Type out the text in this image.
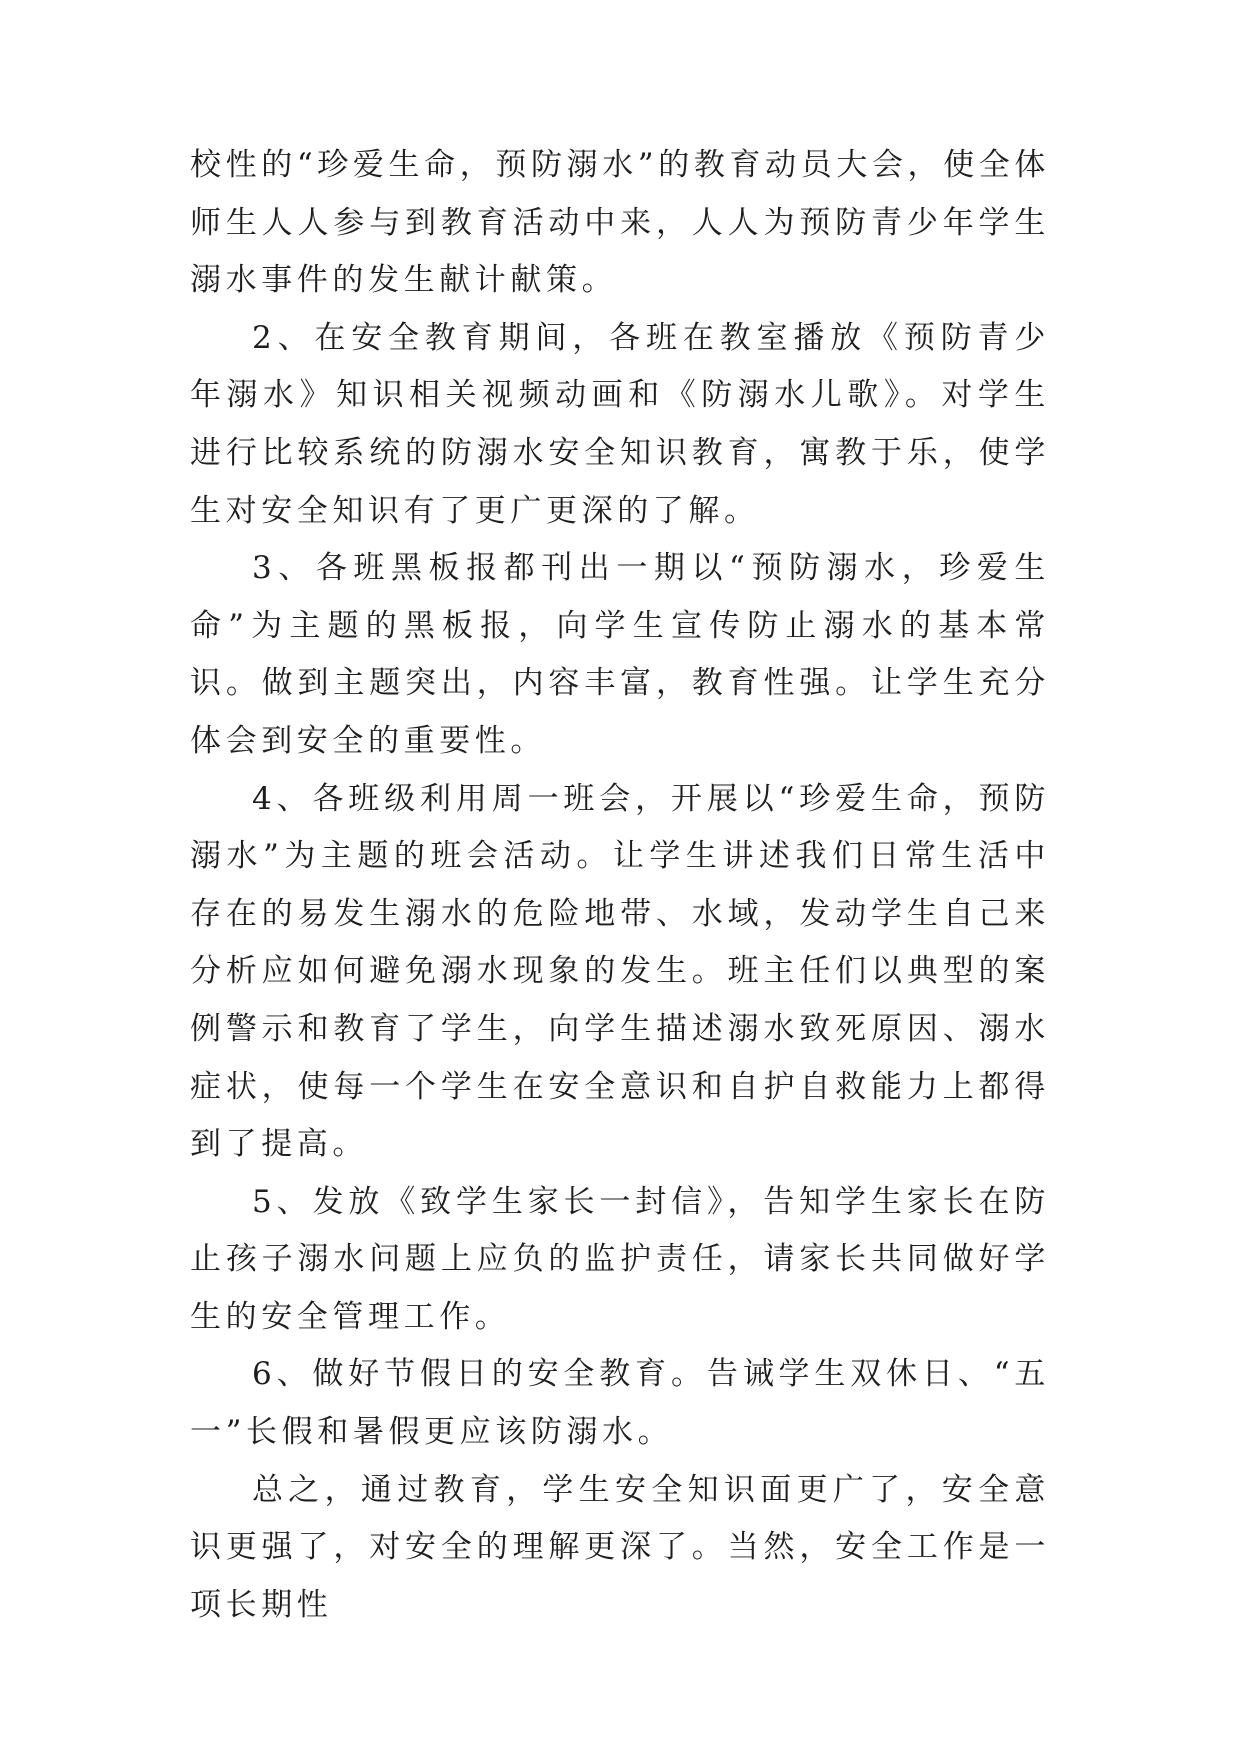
校性的“珍爱生命，预防溺水”的教育动员大会，使全体师生人人参与到教育活动中来，人人为预防青少年学生溺水事件的发生献计献策。

2、在安全教育期间，各班在教室播放《预防青少年溺水》知识相关视频动画和《防溺水儿歌》。对学生进行比较系统的防溺水安全知识教育，寓教于乐，使学生对安全知识有了更广更深的了解。

3、各班黑板报都刊出一期以“预防溺水，珍爱生命”为主题的黑板报，向学生宣传防止溺水的基本常识。做到主题突出，内容丰富，教育性强。让学生充分体会到安全的重要性。

4、各班级利用周一班会，开展以“珍爱生命，预防溺水”为主题的班会活动。让学生讲述我们日常生活中存在的易发生溺水的危险地带、水域，发动学生自己来分析应如何避免溺水现象的发生。班主任们以典型的案例警示和教育了学生，向学生描述溺水致死原因、溺水症状，使每一个学生在安全意识和自护自救能力上都得到了提高。

5、发放《致学生家长一封信》，告知学生家长在防止孩子溺水问题上应负的监护责任，请家长共同做好学生的安全管理工作。

6、做好节假日的安全教育。告诫学生双休日、“五一”长假和暑假更应该防溺水。

总之，通过教育，学生安全知识面更广了，安全意识更强了，对安全的理解更深了。当然，安全工作是一项长期性
